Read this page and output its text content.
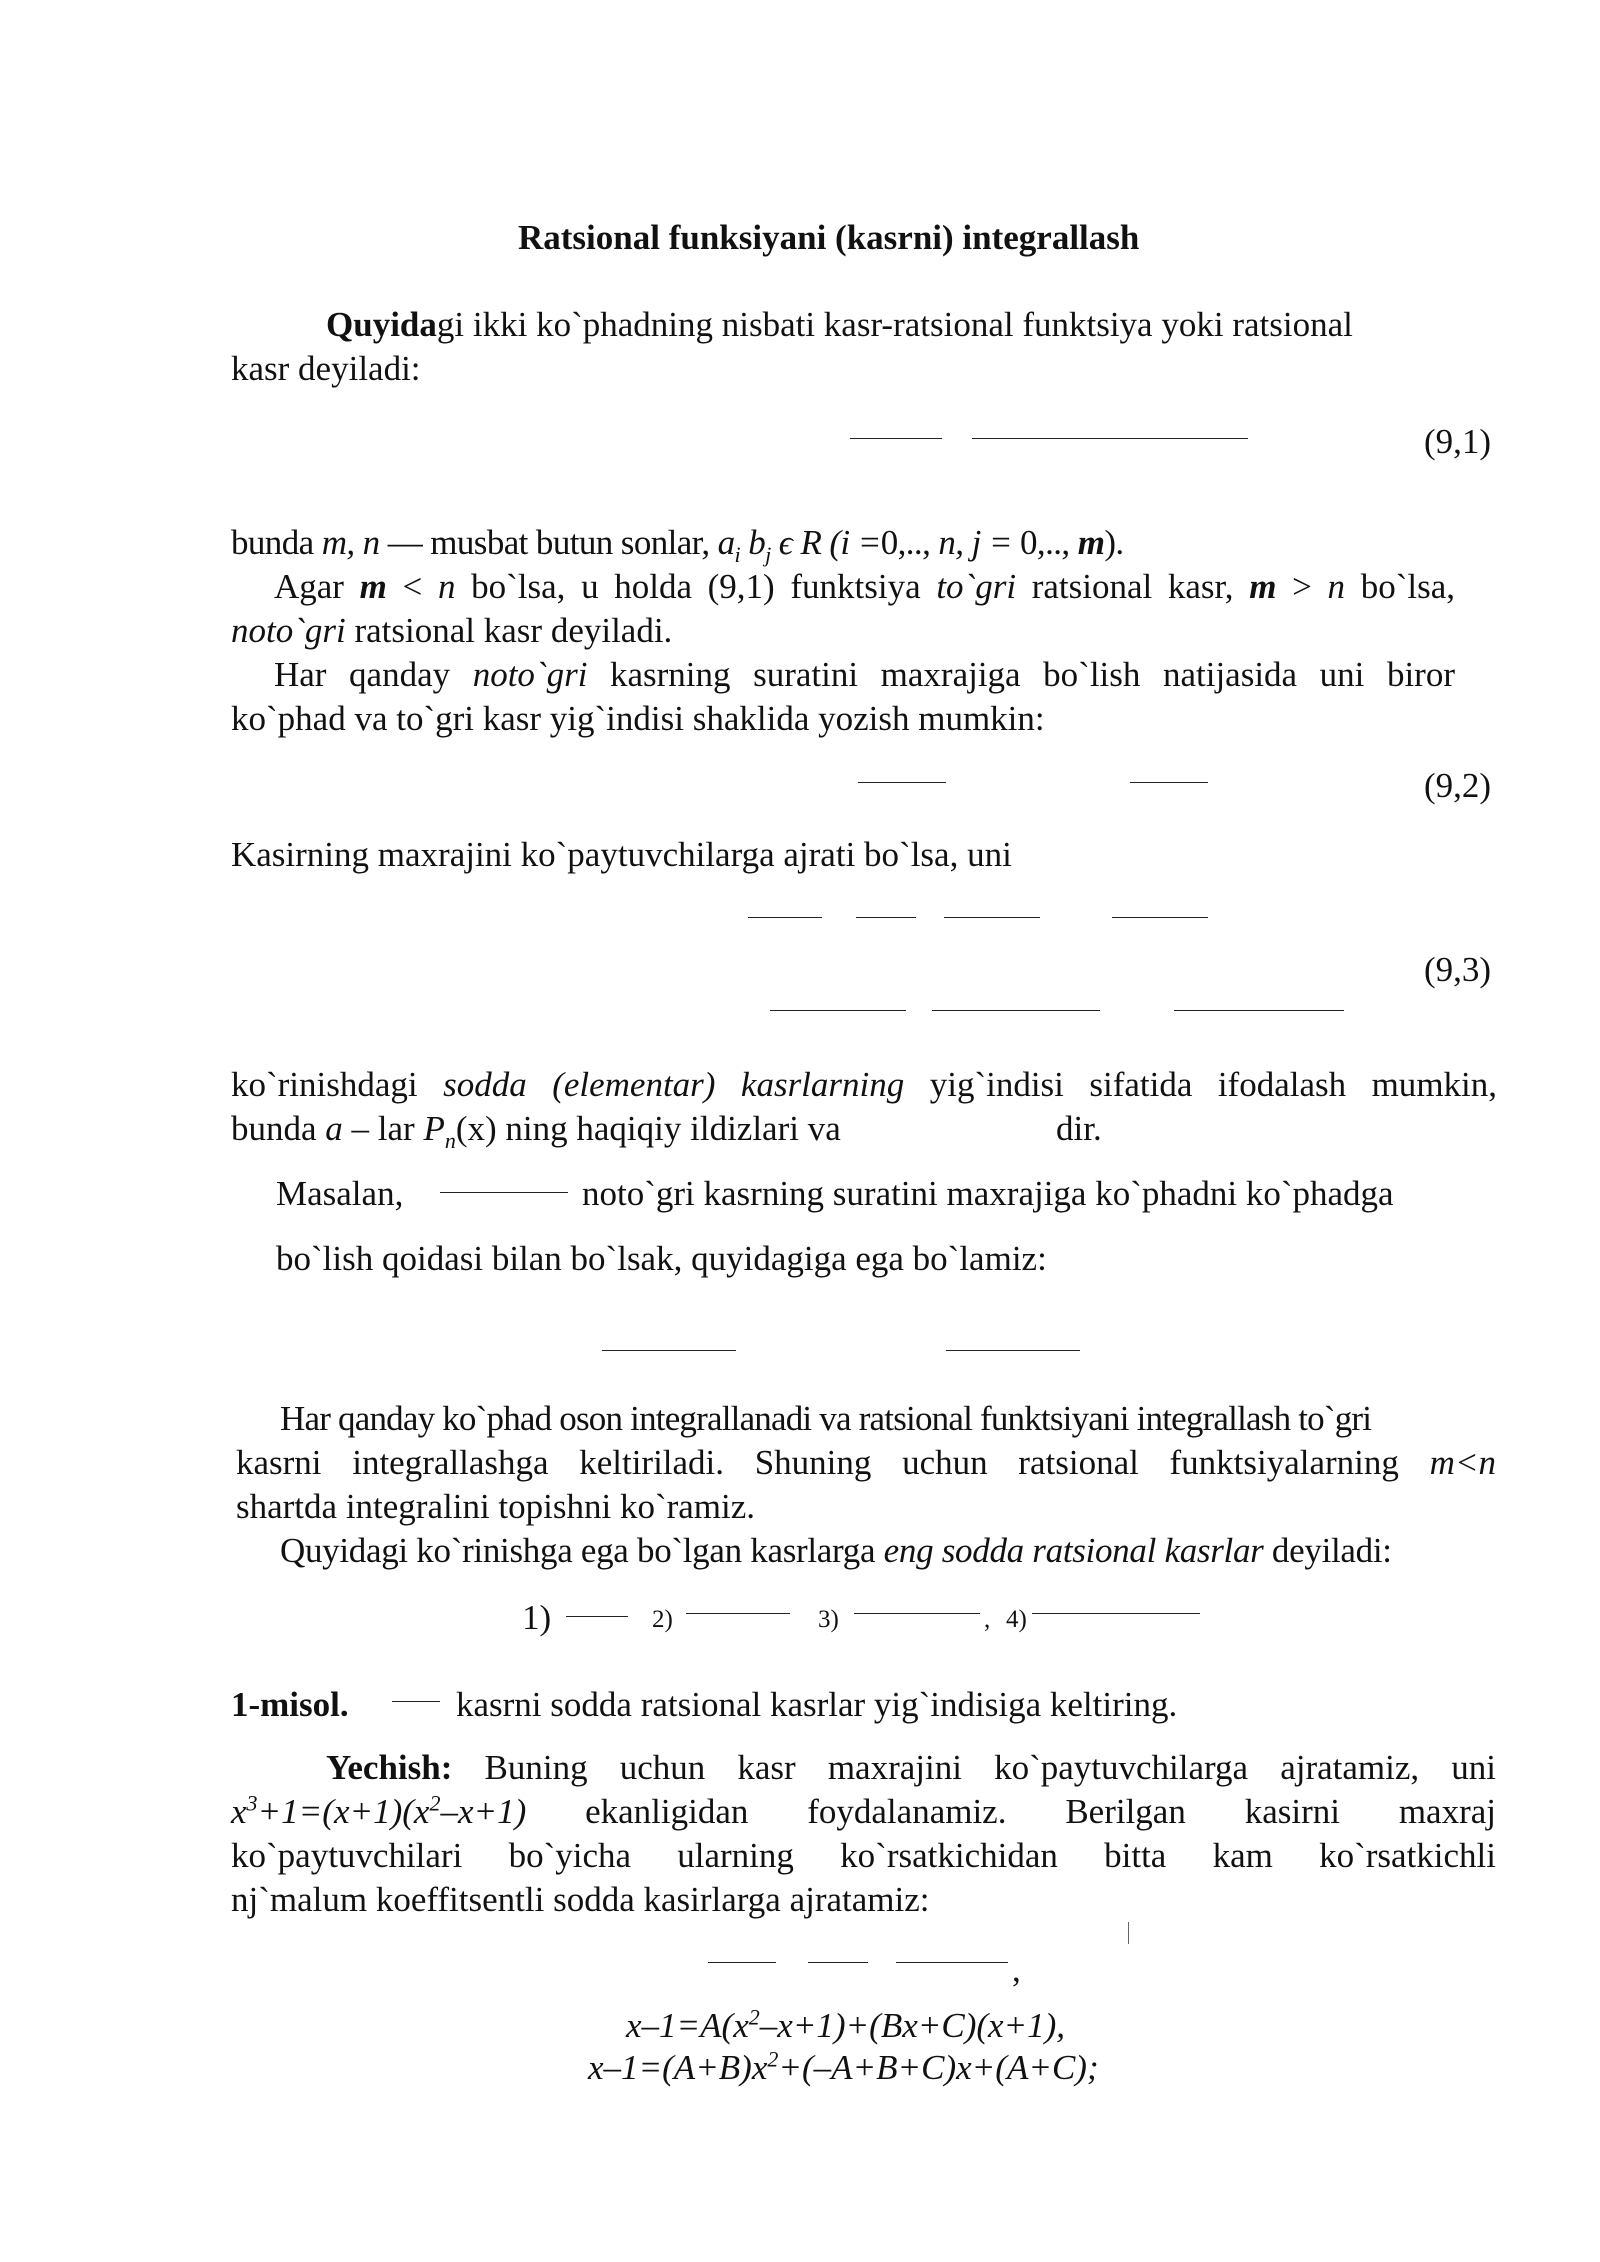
Ratsional funksiyani (kasrni) integrallash
Quyidagi ikki ko`phadning nisbati kasr-ratsional funktsiya yoki ratsional
kasr deyiladi:
(9,1)
bunda m, n — musbat butun sonlar, $a_i$ $b_j$ ϵ R (i =0,.., n, j = 0,.., m).
Agar m < n bo`lsa, u holda (9,1) funktsiya to`gri ratsional kasr, m > n bo`lsa,
noto`gri ratsional kasr deyiladi.
Har qanday noto`gri kasrning suratini maxrajiga bo`lish natijasida uni biror
ko`phad va to`gri kasr yig`indisi shaklida yozish mumkin:
(9,2)
Kasirning maxrajini ko`paytuvchilarga ajrati bo`lsa, uni
(9,3)
ko`rinishdagi sodda (elementar) kasrlarning yig`indisi sifatida ifodalash mumkin,
bunda a – lar $P_n(x)$ ning haqiqiy ildizlari va	dir.
Masalan,	noto`gri kasrning suratini maxrajiga ko`phadni ko`phadga
bo`lish qoidasi bilan bo`lsak, quyidagiga ega bo`lamiz:
Har qanday ko`phad oson integrallanadi va ratsional funktsiyani integrallash to`gri
kasrni integrallashga keltiriladi. Shuning uchun ratsional funktsiyalarning m<n
shartda integralini topishni ko`ramiz.
Quyidagi ko`rinishga ega bo`lgan kasrlarga eng sodda ratsional kasrlar deyiladi:
1)	2)	3)	, 4)
1-misol.	kasrni sodda ratsional kasrlar yig`indisiga keltiring.
Yechish: Buning uchun kasr maxrajini ko`paytuvchilarga ajratamiz, uni
$x^3+1=(x+1)(x^2-x+1)$ ekanligidan foydalanamiz. Berilgan kasirni maxraj
ko`paytuvchilari bo`yicha ularning ko`rsatkichidan bitta kam ko`rsatkichli
nj`malum koeffitsentli sodda kasirlarga ajratamiz:
,
$x-1=A(x^2-x+1)+(Bx+C)(x+1)$,
$x-1=(A+B)x^2+(-A+B+C)x+(A+C)$;
